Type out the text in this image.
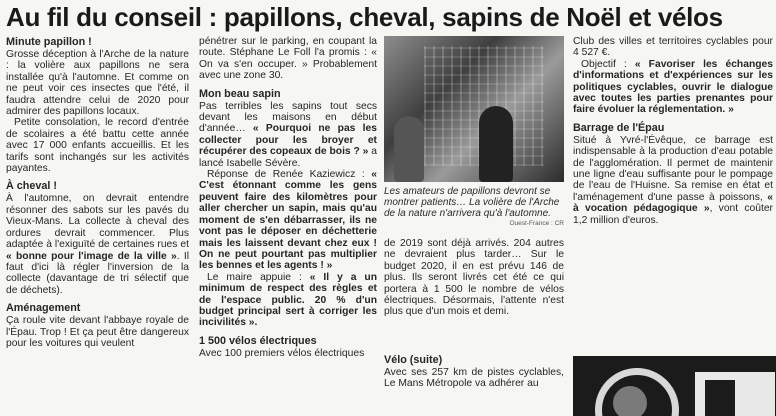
Au fil du conseil : papillons, cheval, sapins de Noël et vélos
Minute papillon !

Grosse déception à l'Arche de la nature : la volière aux papillons ne sera installée qu'à l'automne. Et comme on ne peut voir ces insectes que l'été, il faudra attendre celui de 2020 pour admirer des papillons locaux.

Petite consolation, le record d'entrée de scolaires a été battu cette année avec 17 000 enfants accueillis. Et les tarifs sont inchangés sur les activités payantes.

À cheval !

À l'automne, on devrait entendre résonner des sabots sur les pavés du Vieux-Mans. La collecte à cheval des ordures devrait commencer. Plus adaptée à l'exiguïté de certaines rues et « bonne pour l'image de la ville ». Il faut d'ici là régler l'inversion de la collecte (davantage de tri sélectif que de déchets).

Aménagement

Ça roule vite devant l'abbaye royale de l'Épau. Trop ! Et ça peut être dangereux pour les voitures qui veulent

pénétrer sur le parking, en coupant la route. Stéphane Le Foll l'a promis : « On va s'en occuper. » Probablement avec une zone 30.

Mon beau sapin

Pas terribles les sapins tout secs devant les maisons en début d'année… « Pourquoi ne pas les collecter pour les broyer et récupérer des copeaux de bois ? » a lancé Isabelle Sévère.

Réponse de Renée Kaziewicz : « C'est étonnant comme les gens peuvent faire des kilomètres pour aller chercher un sapin, mais qu'au moment de s'en débarrasser, ils ne vont pas le déposer en déchetterie mais les laissent devant chez eux ! On ne peut pourtant pas multiplier les bennes et les agents ! »

Le maire appuie : « Il y a un minimum de respect des règles et de l'espace public. 20 % d'un budget principal sert à corriger les incivilités ».

1 500 vélos électriques

Avec 100 premiers vélos électriques

Les amateurs de papillons devront se montrer patients… La volière de l'Arche de la nature n'arrivera qu'à l'automne.
Ouest-France : CR

de 2019 sont déjà arrivés. 204 autres ne devraient plus tarder… Sur le budget 2020, il en est prévu 146 de plus. Ils seront livrés cet été ce qui portera à 1 500 le nombre de vélos électriques. Désormais, l'attente n'est plus que d'un mois et demi.

Vélo (suite)

Avec ses 257 km de pistes cyclables, Le Mans Métropole va adhérer au

Club des villes et territoires cyclables pour 4 527 €.

Objectif : « Favoriser les échanges d'informations et d'expériences sur les politiques cyclables, ouvrir le dialogue avec toutes les parties prenantes pour faire évoluer la réglementation. »

Barrage de l'Épau

Situé à Yvré-l'Évêque, ce barrage est indispensable à la production d'eau potable de l'agglomération. Il permet de maintenir une ligne d'eau suffisante pour le pompage de l'eau de l'Huisne. Sa remise en état et l'aménagement d'une passe à poissons, « à vocation pédagogique », vont coûter 1,2 million d'euros.
